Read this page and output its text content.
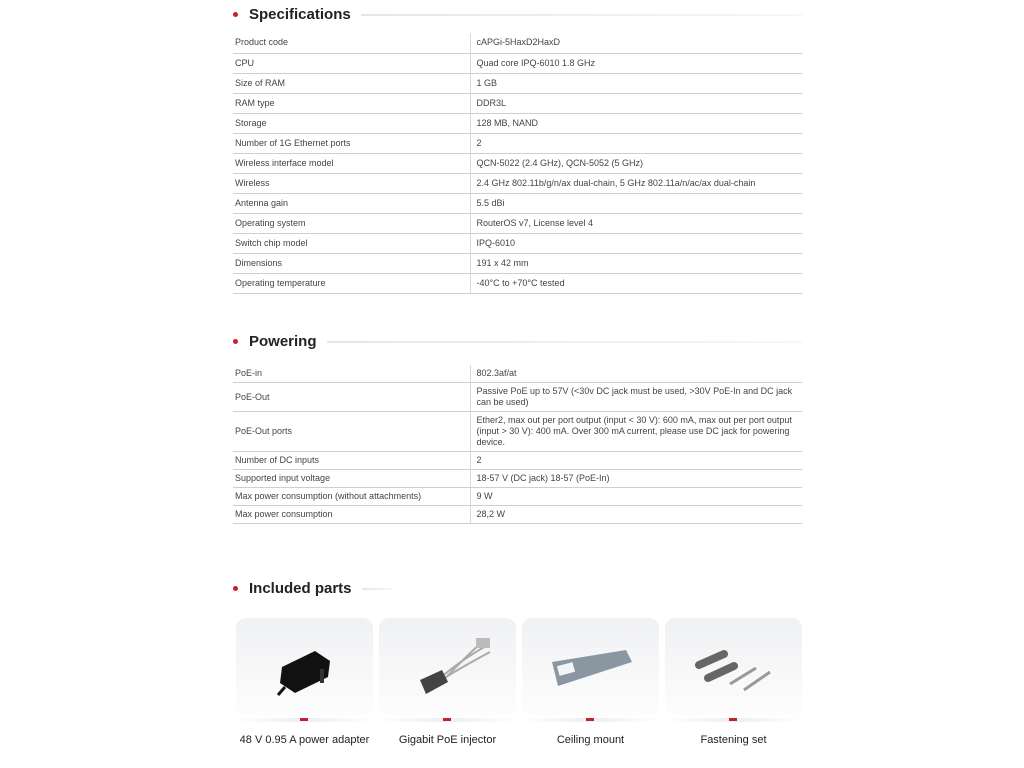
Specifications
Product code	cAPGi-5HaxD2HaxD
CPU	Quad core IPQ-6010 1.8 GHz
Size of RAM	1 GB
RAM type	DDR3L
Storage	128 MB, NAND
Number of 1G Ethernet ports	2
Wireless interface model	QCN-5022 (2.4 GHz), QCN-5052 (5 GHz)
Wireless	2.4 GHz 802.11b/g/n/ax dual-chain, 5 GHz 802.11a/n/ac/ax dual-chain
Antenna gain	5.5 dBi
Operating system	RouterOS v7, License level 4
Switch chip model	IPQ-6010
Dimensions	191 x 42 mm
Operating temperature	-40°C to +70°C tested
Powering
PoE-in	802.3af/at
PoE-Out	Passive PoE up to 57V (<30v DC jack must be used, >30V PoE-In and DC jack can be used)
PoE-Out ports	Ether2, max out per port output (input < 30 V): 600 mA, max out per port output (input > 30 V): 400 mA. Over 300 mA current, please use DC jack for powering device.
Number of DC inputs	2
Supported input voltage	18-57 V (DC jack) 18-57 (PoE-In)
Max power consumption (without attachments)	9 W
Max power consumption	28,2 W
Included parts
48 V 0.95 A power adapter	Gigabit PoE injector	Ceiling mount	Fastening set
